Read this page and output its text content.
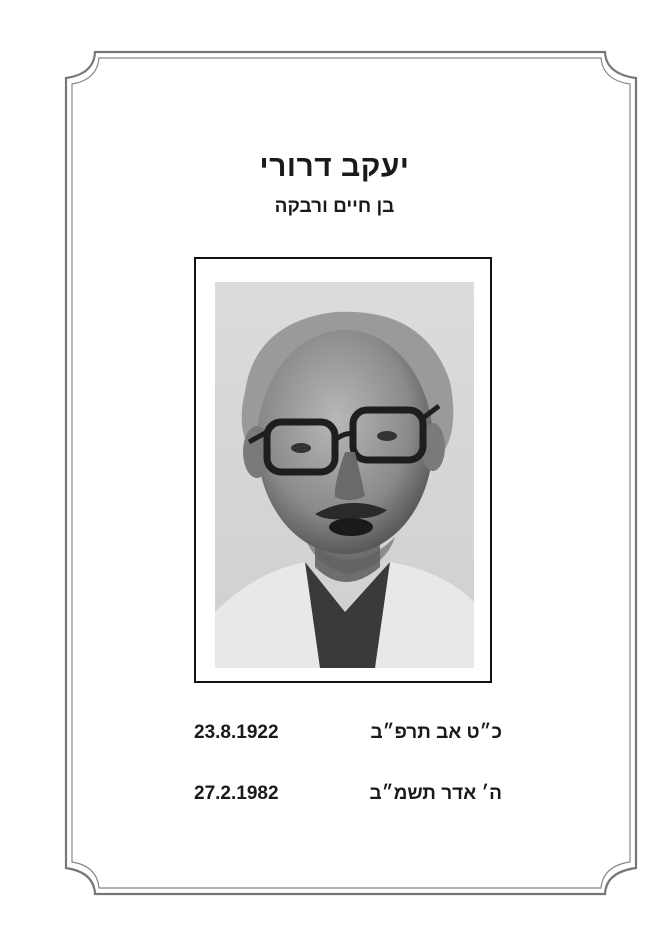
יעקב דרורי
בן חיים ורבקה
23.8.1922	כ״ט אב תרפ״ב
27.2.1982	ה׳ אדר תשמ״ב
